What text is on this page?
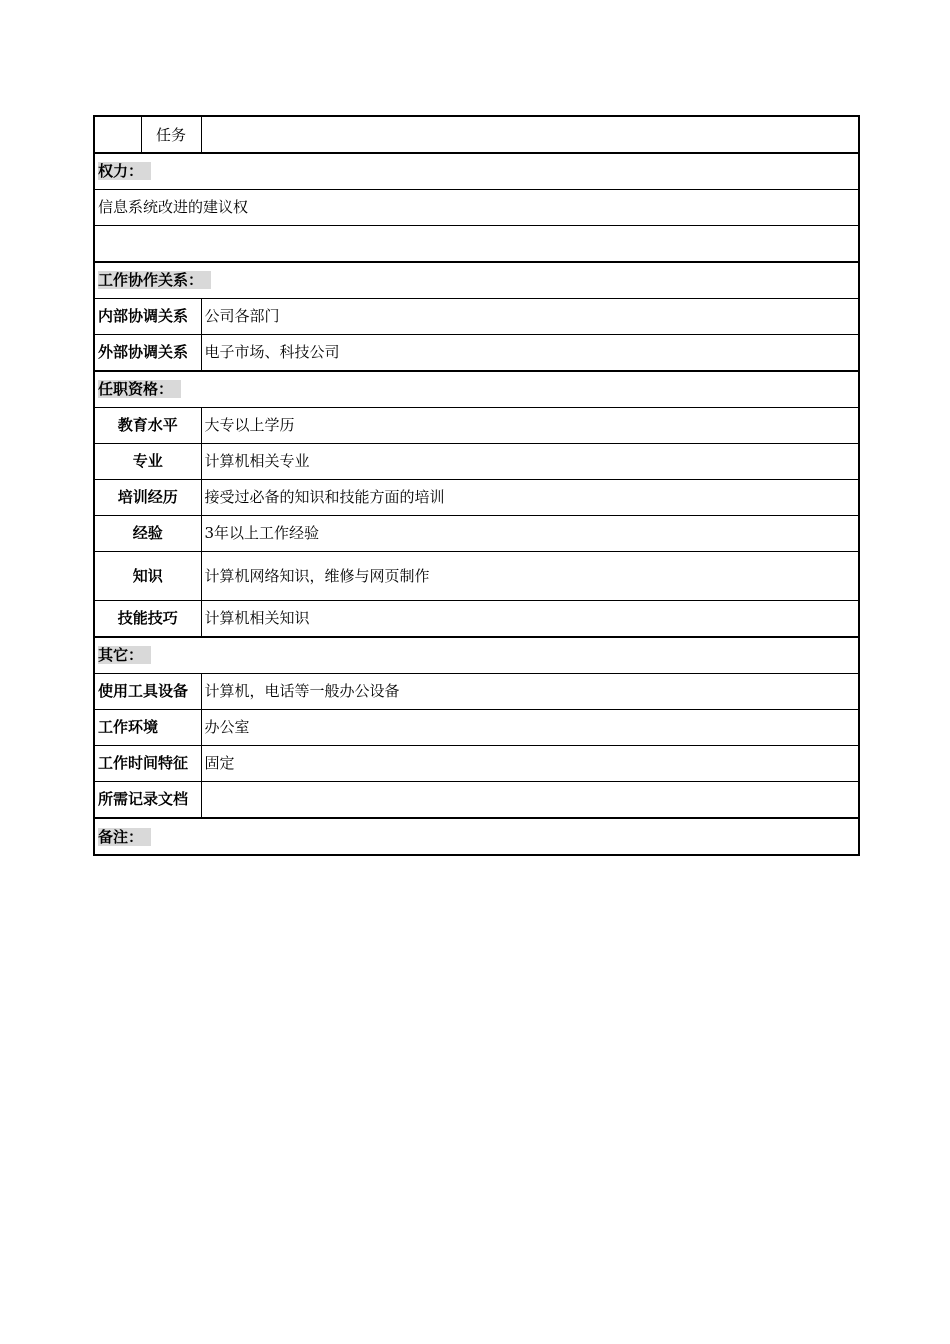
	任务	
权力：		
信息系统改进的建议权		

工作协作关系：		
内部协调关系		公司各部门
外部协调关系		电子市场、科技公司
任职资格：		
教育水平		大专以上学历
专业		计算机相关专业
培训经历		接受过必备的知识和技能方面的培训
经验		3年以上工作经验
知识		计算机网络知识，维修与网页制作
技能技巧		计算机相关知识
其它：		
使用工具设备		计算机，电话等一般办公设备
工作环境		办公室
工作时间特征		固定
所需记录文档		
备注：		
